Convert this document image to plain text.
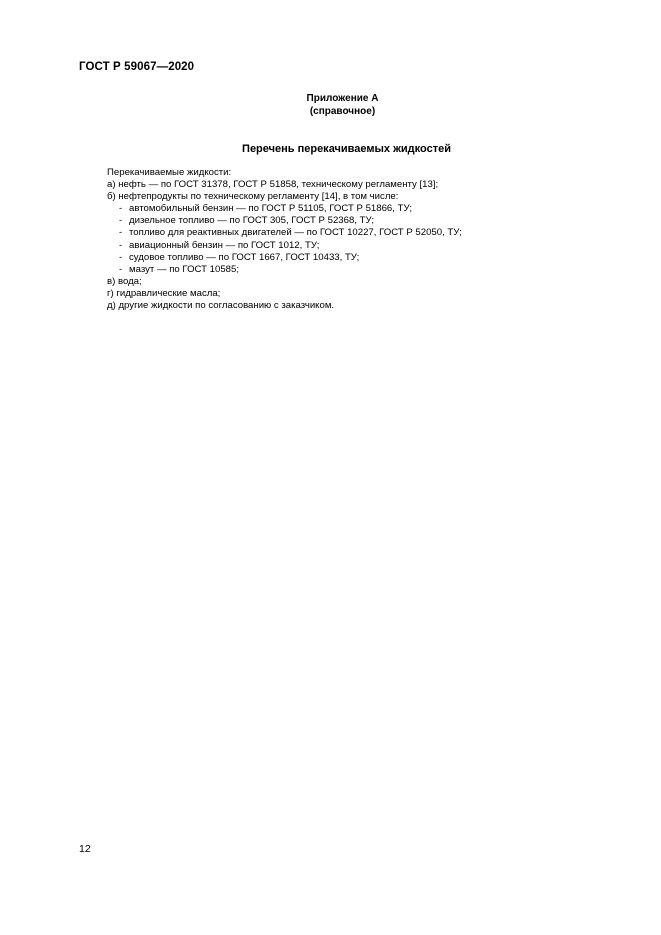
ГОСТ Р 59067—2020
Приложение А
(справочное)
Перечень перекачиваемых жидкостей
Перекачиваемые жидкости:
а) нефть — по ГОСТ 31378, ГОСТ Р 51858, техническому регламенту [13];
б) нефтепродукты по техническому регламенту [14], в том числе:
- автомобильный бензин — по ГОСТ Р 51105, ГОСТ Р 51866, ТУ;
- дизельное топливо — по ГОСТ 305, ГОСТ Р 52368, ТУ;
- топливо для реактивных двигателей — по ГОСТ 10227, ГОСТ Р 52050, ТУ;
- авиационный бензин — по ГОСТ 1012, ТУ;
- судовое топливо — по ГОСТ 1667, ГОСТ 10433, ТУ;
- мазут — по ГОСТ 10585;
в) вода;
г) гидравлические масла;
д) другие жидкости по согласованию с заказчиком.
12
